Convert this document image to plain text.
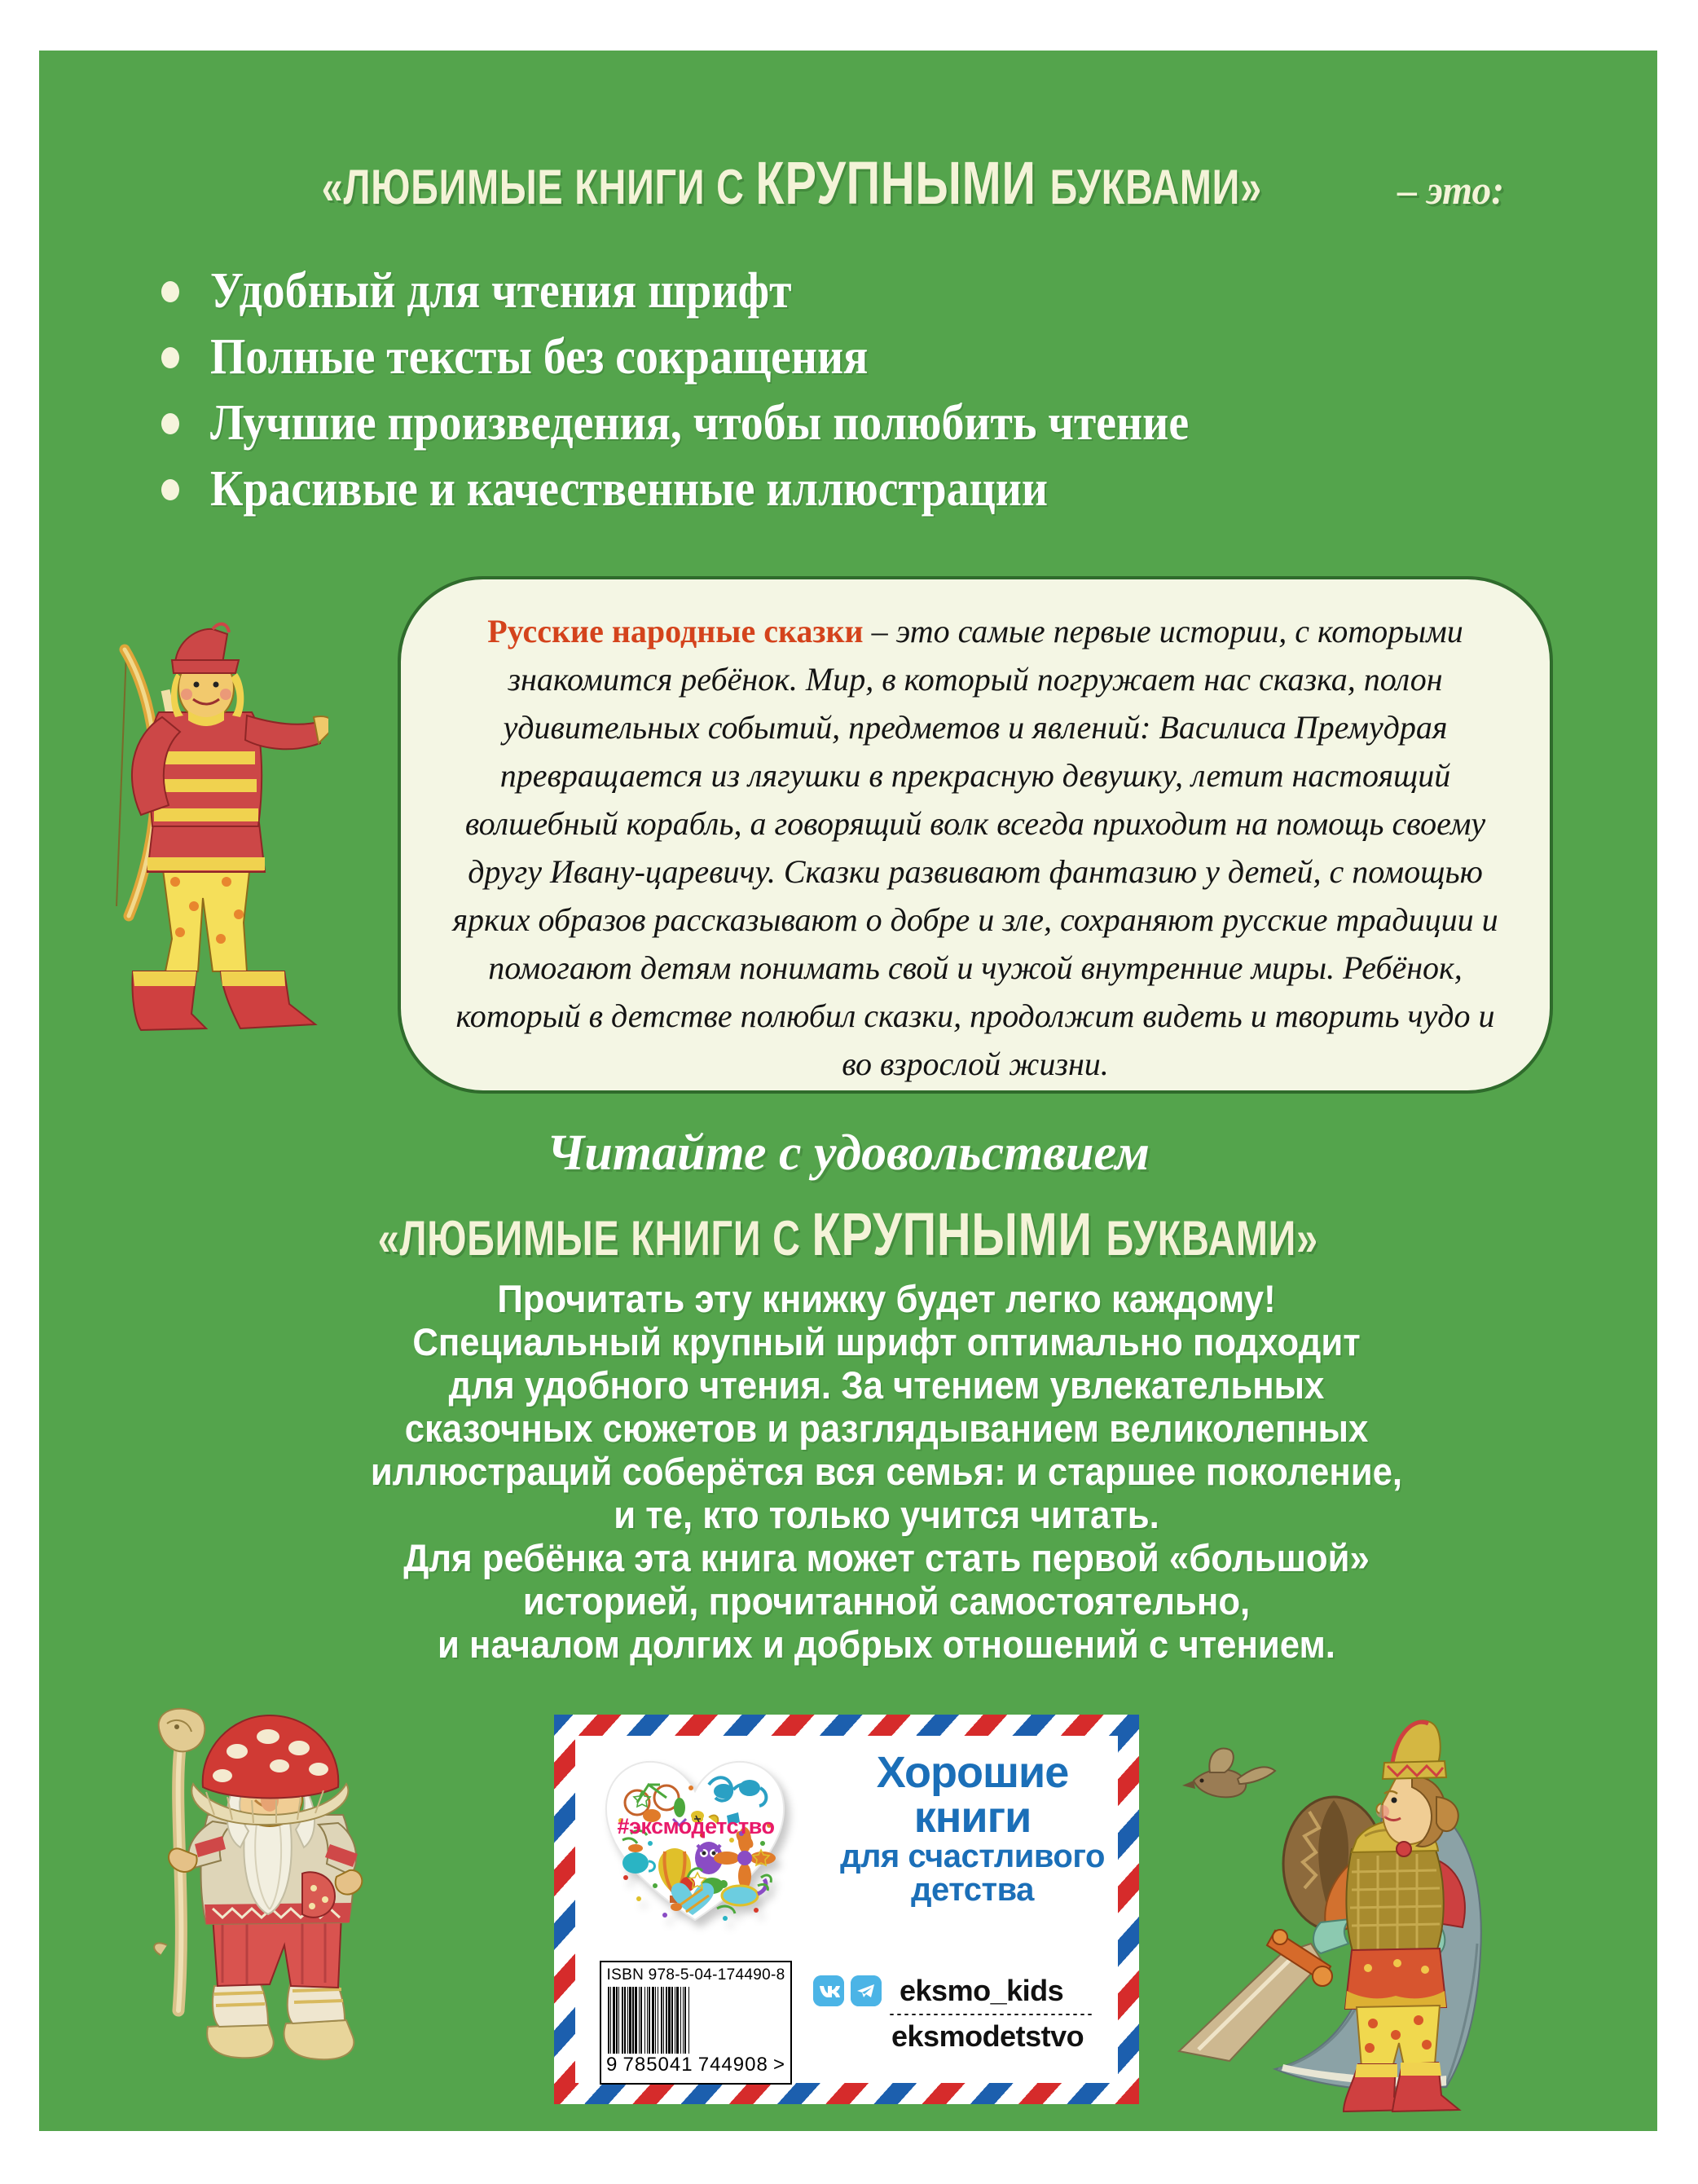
«ЛЮБИМЫЕ КНИГИ С КРУПНЫМИ БУКВАМИ»	– это:
Удобный для чтения шрифт
Полные тексты без сокращения
Лучшие произведения, чтобы полюбить чтение
Красивые и качественные иллюстрации

Русские народные сказки – это самые первые истории, с которыми знакомится ребёнок. Мир, в который погружает нас сказка, полон удивительных событий, предметов и явлений: Василиса Премудрая превращается из лягушки в прекрасную девушку, летит настоящий волшебный корабль, а говорящий волк всегда приходит на помощь своему другу Ивану-царевичу. Сказки развивают фантазию у детей, с помощью ярких образов рассказывают о добре и зле, сохраняют русские традиции и помогают детям понимать свой и чужой внутренние миры. Ребёнок, который в детстве полюбил сказки, продолжит видеть и творить чудо и во взрослой жизни.

Читайте с удовольствием
«ЛЮБИМЫЕ КНИГИ С КРУПНЫМИ БУКВАМИ»
Прочитать эту книжку будет легко каждому!
Специальный крупный шрифт оптимально подходит
для удобного чтения. За чтением увлекательных
сказочных сюжетов и разглядыванием великолепных
иллюстраций соберётся вся семья: и старшее поколение,
и те, кто только учится читать.
Для ребёнка эта книга может стать первой «большой»
историей, прочитанной самостоятельно,
и началом долгих и добрых отношений с чтением.
#эксмодетство
Хорошие
книги
для счастливого
детства
ISBN 978-5-04-174490-8
9 785041 744908 >
eksmo_kids
eksmodetstvo
